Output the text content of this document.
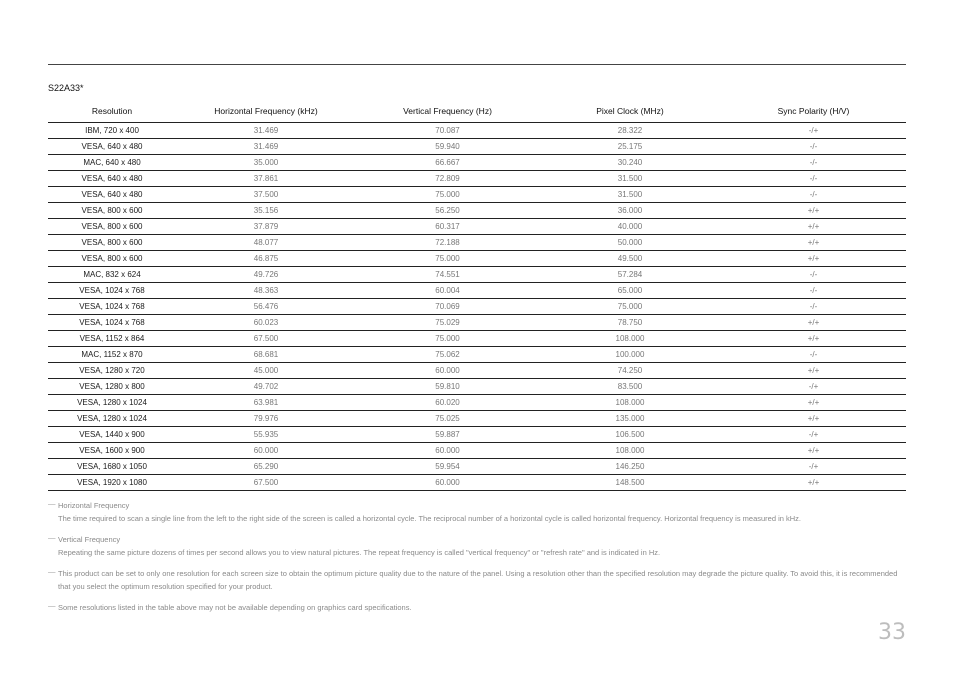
S22A33*
Resolution	Horizontal Frequency (kHz)	Vertical Frequency (Hz)	Pixel Clock (MHz)	Sync Polarity (H/V)
IBM, 720 x 400	31.469	70.087	28.322	-/+
VESA, 640 x 480	31.469	59.940	25.175	-/-
MAC, 640 x 480	35.000	66.667	30.240	-/-
VESA, 640 x 480	37.861	72.809	31.500	-/-
VESA, 640 x 480	37.500	75.000	31.500	-/-
VESA, 800 x 600	35.156	56.250	36.000	+/+
VESA, 800 x 600	37.879	60.317	40.000	+/+
VESA, 800 x 600	48.077	72.188	50.000	+/+
VESA, 800 x 600	46.875	75.000	49.500	+/+
MAC, 832 x 624	49.726	74.551	57.284	-/-
VESA, 1024 x 768	48.363	60.004	65.000	-/-
VESA, 1024 x 768	56.476	70.069	75.000	-/-
VESA, 1024 x 768	60.023	75.029	78.750	+/+
VESA, 1152 x 864	67.500	75.000	108.000	+/+
MAC, 1152 x 870	68.681	75.062	100.000	-/-
VESA, 1280 x 720	45.000	60.000	74.250	+/+
VESA, 1280 x 800	49.702	59.810	83.500	-/+
VESA, 1280 x 1024	63.981	60.020	108.000	+/+
VESA, 1280 x 1024	79.976	75.025	135.000	+/+
VESA, 1440 x 900	55.935	59.887	106.500	-/+
VESA, 1600 x 900	60.000	60.000	108.000	+/+
VESA, 1680 x 1050	65.290	59.954	146.250	-/+
VESA, 1920 x 1080	67.500	60.000	148.500	+/+
― Horizontal Frequency
The time required to scan a single line from the left to the right side of the screen is called a horizontal cycle. The reciprocal number of a horizontal cycle is called horizontal frequency. Horizontal frequency is measured in kHz.
― Vertical Frequency
Repeating the same picture dozens of times per second allows you to view natural pictures. The repeat frequency is called "vertical frequency" or "refresh rate" and is indicated in Hz.
― This product can be set to only one resolution for each screen size to obtain the optimum picture quality due to the nature of the panel. Using a resolution other than the specified resolution may degrade the picture quality. To avoid this, it is recommended that you select the optimum resolution specified for your product.
― Some resolutions listed in the table above may not be available depending on graphics card specifications.
33
